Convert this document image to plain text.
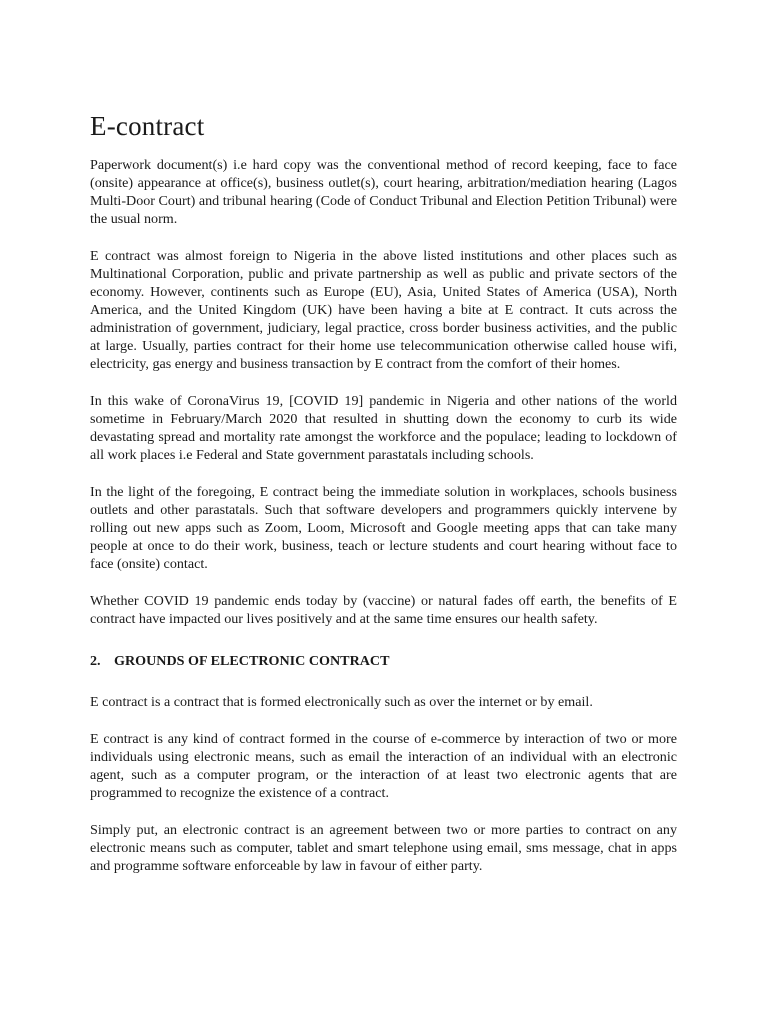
E-contract

Paperwork document(s) i.e hard copy was the conventional method of record keeping, face to face (onsite) appearance at office(s), business outlet(s), court hearing, arbitration/mediation hearing (Lagos Multi-Door Court) and tribunal hearing (Code of Conduct Tribunal and Election Petition Tribunal) were the usual norm.

E contract was almost foreign to Nigeria in the above listed institutions and other places such as Multinational Corporation, public and private partnership as well as public and private sectors of the economy. However, continents such as Europe (EU), Asia, United States of America (USA), North America, and the United Kingdom (UK) have been having a bite at E contract. It cuts across the administration of government, judiciary, legal practice, cross border business activities, and the public at large. Usually, parties contract for their home use telecommunication otherwise called house wifi, electricity, gas energy and business transaction by E contract from the comfort of their homes.

In this wake of CoronaVirus 19, [COVID 19] pandemic in Nigeria and other nations of the world sometime in February/March 2020 that resulted in shutting down the economy to curb its wide devastating spread and mortality rate amongst the workforce and the populace; leading to lockdown of all work places i.e Federal and State government parastatals including schools.

In the light of the foregoing, E contract being the immediate solution in workplaces, schools business outlets and other parastatals. Such that software developers and programmers quickly intervene by rolling out new apps such as Zoom, Loom, Microsoft and Google meeting apps that can take many people at once to do their work, business, teach or lecture students and court hearing without face to face (onsite) contact.

Whether COVID 19 pandemic ends today by (vaccine) or natural fades off earth, the benefits of E contract have impacted our lives positively and at the same time ensures our health safety.

2. GROUNDS OF ELECTRONIC CONTRACT

E contract is a contract that is formed electronically such as over the internet or by email.

E contract is any kind of contract formed in the course of e-commerce by interaction of two or more individuals using electronic means, such as email the interaction of an individual with an electronic agent, such as a computer program, or the interaction of at least two electronic agents that are programmed to recognize the existence of a contract.

Simply put, an electronic contract is an agreement between two or more parties to contract on any electronic means such as computer, tablet and smart telephone using email, sms message, chat in apps and programme software enforceable by law in favour of either party.
